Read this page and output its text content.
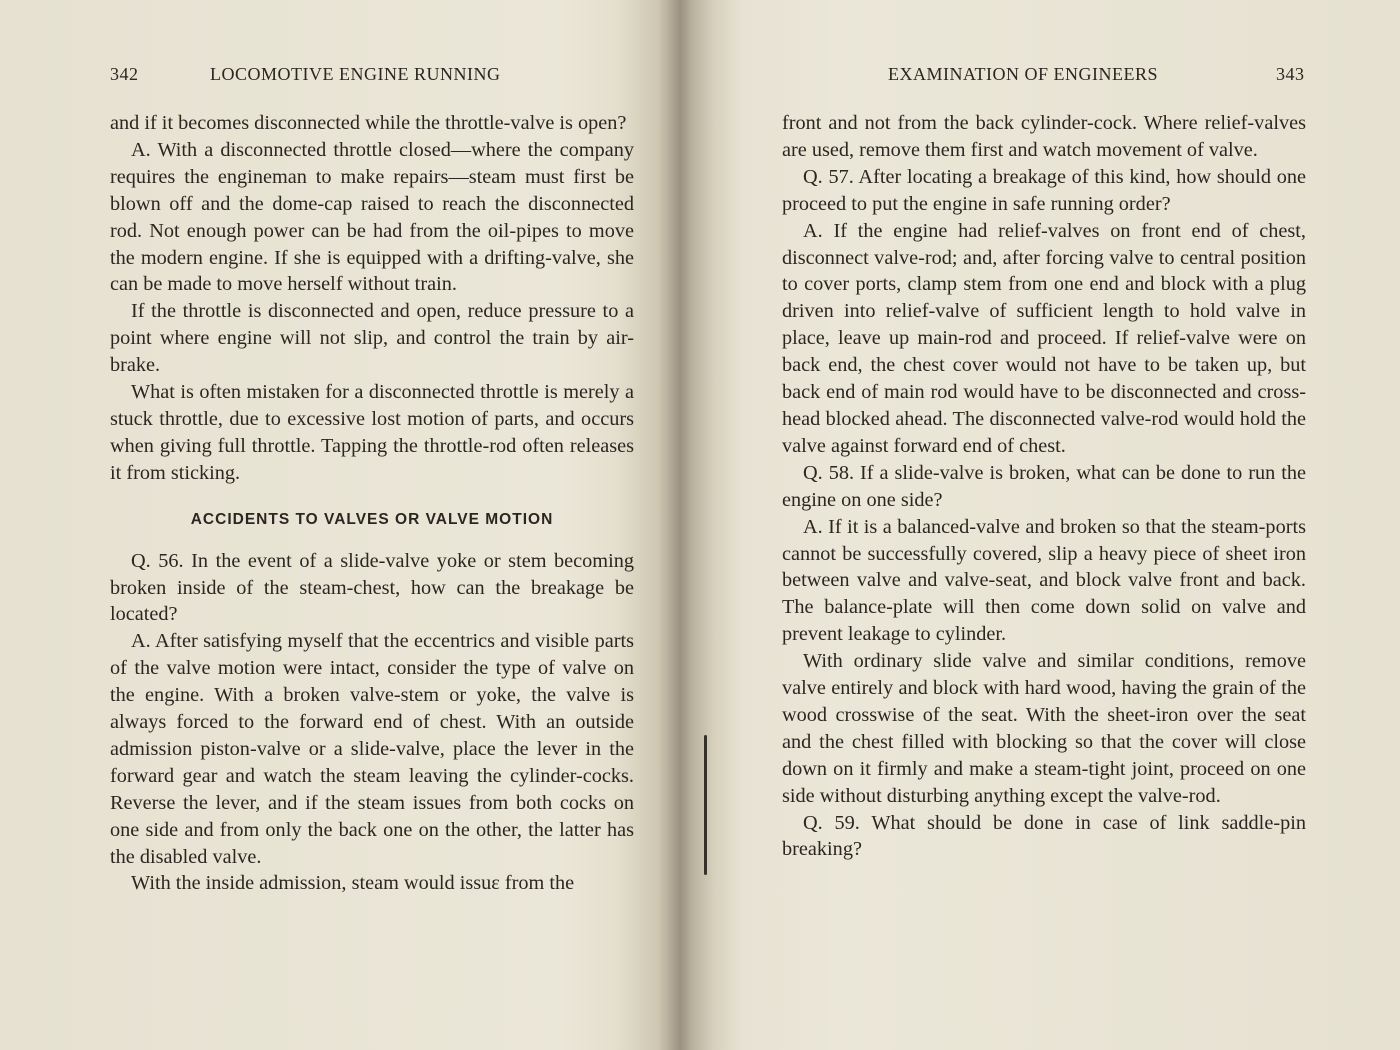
342	LOCOMOTIVE ENGINE RUNNING

and if it becomes disconnected while the throttle-valve is open?

A. With a disconnected throttle closed—where the company requires the engineman to make repairs—steam must first be blown off and the dome-cap raised to reach the disconnected rod. Not enough power can be had from the oil-pipes to move the modern engine. If she is equipped with a drifting-valve, she can be made to move herself without train.

If the throttle is disconnected and open, reduce pressure to a point where engine will not slip, and control the train by air-brake.

What is often mistaken for a disconnected throttle is merely a stuck throttle, due to excessive lost motion of parts, and occurs when giving full throttle. Tapping the throttle-rod often releases it from sticking.

ACCIDENTS TO VALVES OR VALVE MOTION

Q. 56. In the event of a slide-valve yoke or stem becoming broken inside of the steam-chest, how can the breakage be located?

A. After satisfying myself that the eccentrics and visible parts of the valve motion were intact, consider the type of valve on the engine. With a broken valve-stem or yoke, the valve is always forced to the forward end of chest. With an outside admission piston-valve or a slide-valve, place the lever in the forward gear and watch the steam leaving the cylinder-cocks. Reverse the lever, and if the steam issues from both cocks on one side and from only the back one on the other, the latter has the disabled valve.

With the inside admission, steam would issuε from the

EXAMINATION OF ENGINEERS	343

front and not from the back cylinder-cock. Where relief-valves are used, remove them first and watch movement of valve.

Q. 57. After locating a breakage of this kind, how should one proceed to put the engine in safe running order?

A. If the engine had relief-valves on front end of chest, disconnect valve-rod; and, after forcing valve to central position to cover ports, clamp stem from one end and block with a plug driven into relief-valve of sufficient length to hold valve in place, leave up main-rod and proceed. If relief-valve were on back end, the chest cover would not have to be taken up, but back end of main rod would have to be disconnected and cross-head blocked ahead. The disconnected valve-rod would hold the valve against forward end of chest.

Q. 58. If a slide-valve is broken, what can be done to run the engine on one side?

A. If it is a balanced-valve and broken so that the steam-ports cannot be successfully covered, slip a heavy piece of sheet iron between valve and valve-seat, and block valve front and back. The balance-plate will then come down solid on valve and prevent leakage to cylinder.

With ordinary slide valve and similar conditions, remove valve entirely and block with hard wood, having the grain of the wood crosswise of the seat. With the sheet-iron over the seat and the chest filled with blocking so that the cover will close down on it firmly and make a steam-tight joint, proceed on one side without disturbing anything except the valve-rod.

Q. 59. What should be done in case of link saddle-pin breaking?
